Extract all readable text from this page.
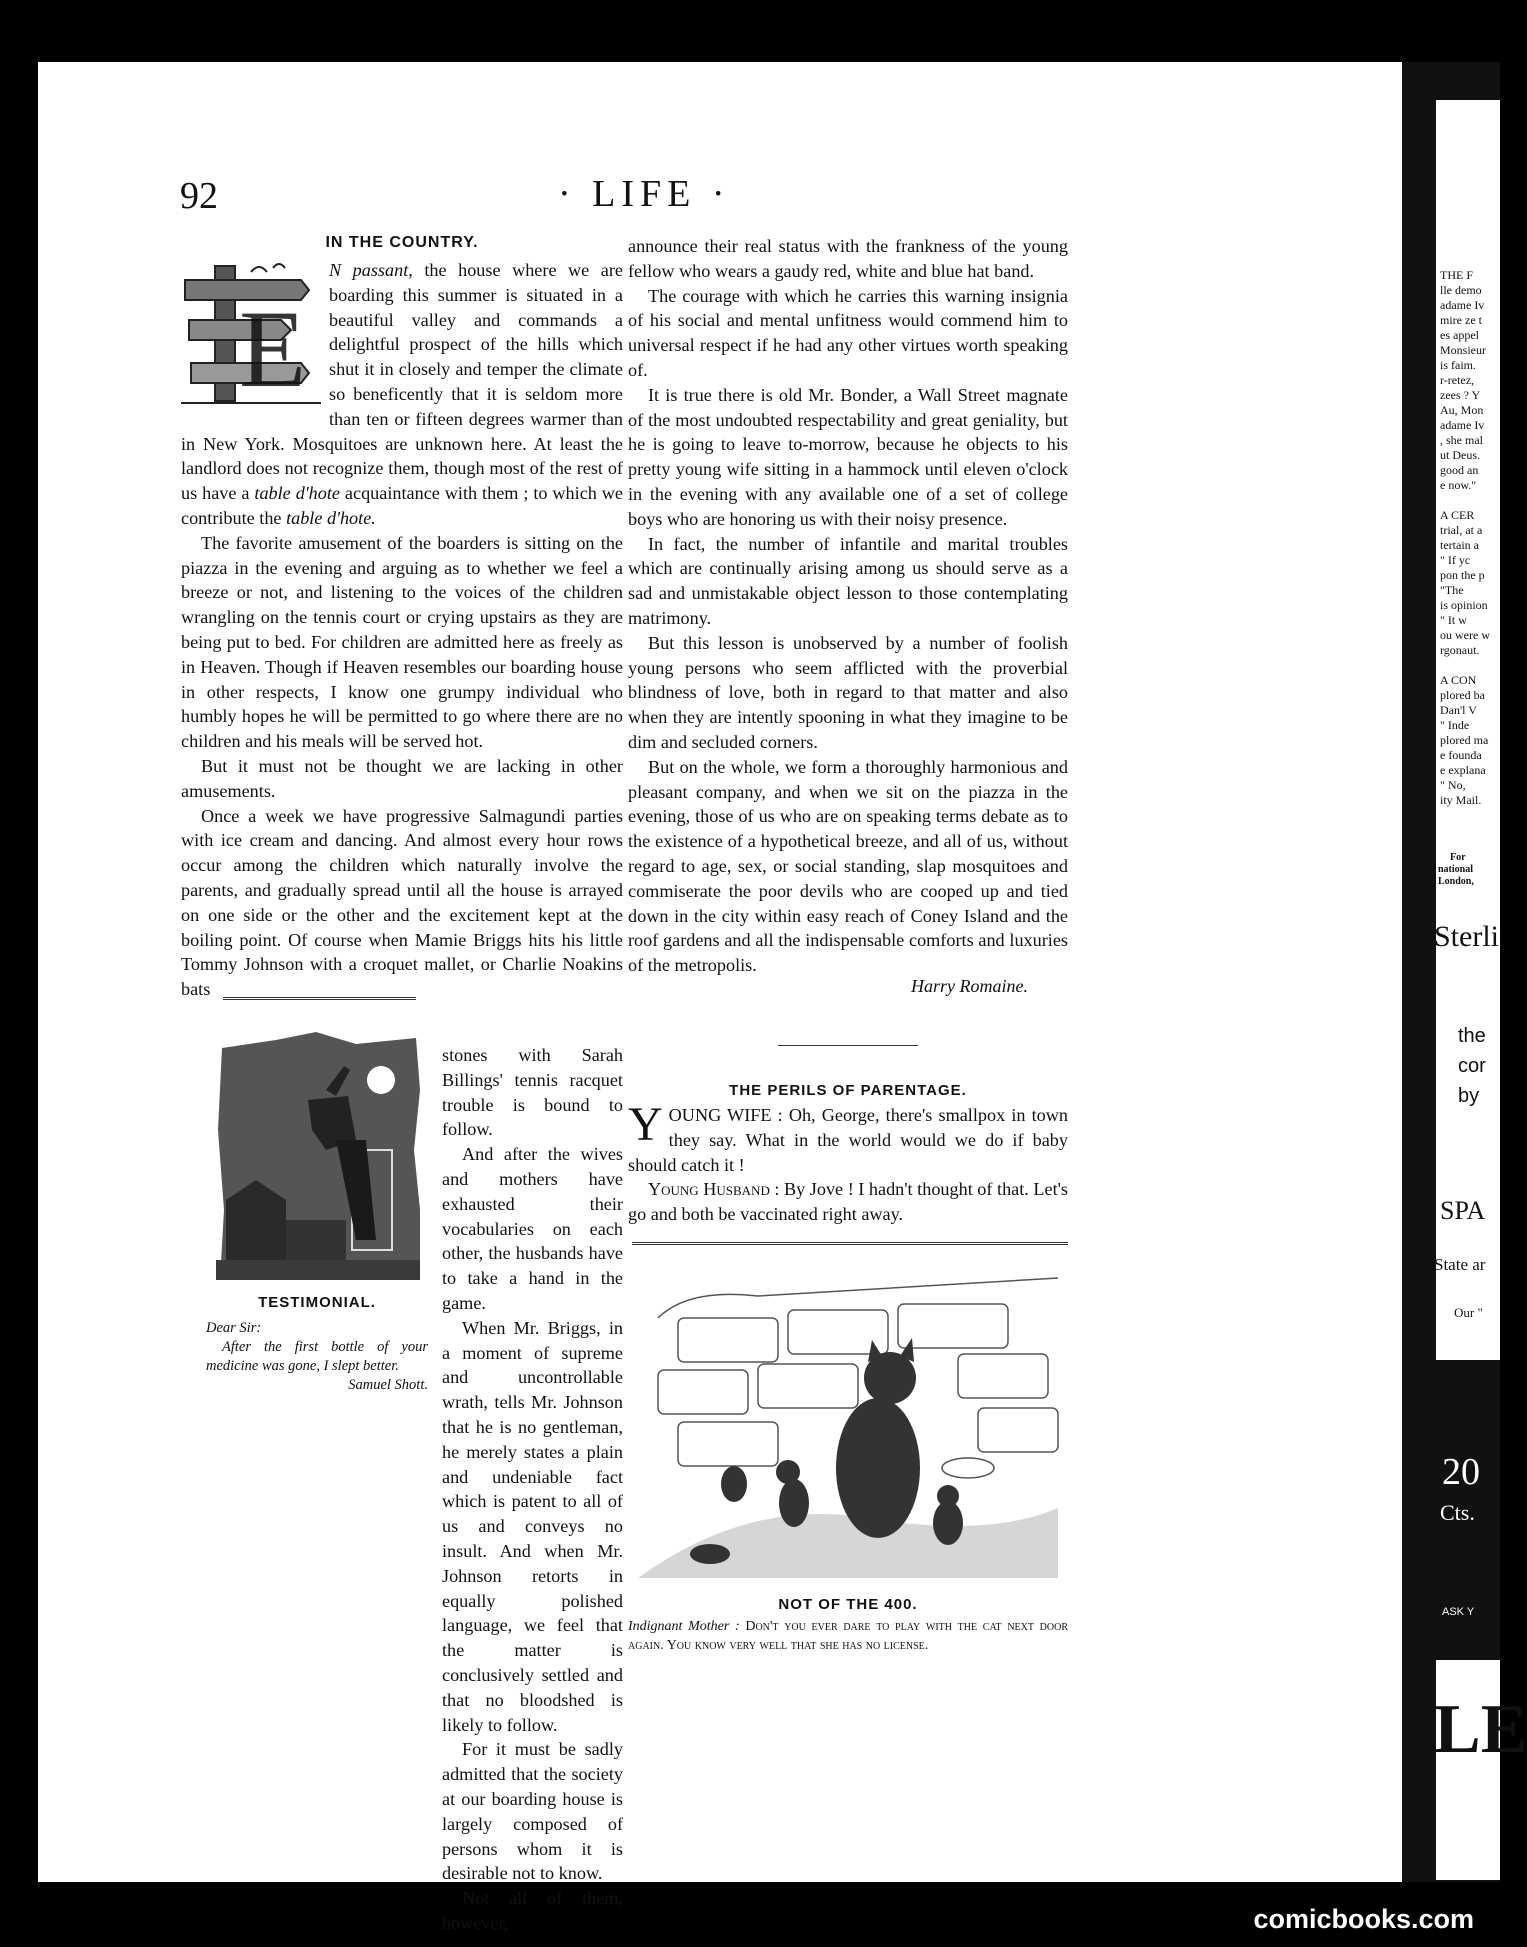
92	· LIFE ·
IN THE COUNTRY.
E

N passant, the house where we are boarding this summer is situated in a beautiful valley and commands a delightful prospect of the hills which shut it in closely and temper the climate so beneficently that it is seldom more than ten or fifteen degrees warmer than in New York. Mosquitoes are unknown here. At least the landlord does not recognize them, though most of the rest of us have a table d'hote acquaintance with them ; to which we contribute the table d'hote.

The favorite amusement of the boarders is sitting on the piazza in the evening and arguing as to whether we feel a breeze or not, and listening to the voices of the children wrangling on the tennis court or crying upstairs as they are being put to bed. For children are admitted here as freely as in Heaven. Though if Heaven resembles our boarding house in other respects, I know one grumpy individual who humbly hopes he will be permitted to go where there are no children and his meals will be served hot.

But it must not be thought we are lacking in other amusements.

Once a week we have progressive Salmagundi parties with ice cream and dancing. And almost every hour rows occur among the children which naturally involve the parents, and gradually spread until all the house is arrayed on one side or the other and the excitement kept at the boiling point. Of course when Mamie Briggs hits his little Tommy Johnson with a croquet mallet, or Charlie Noakins bats

TESTIMONIAL.
Dear Sir:
After the first bottle of your medicine was gone, I slept better.
Samuel Shott.

stones with Sarah Billings' tennis racquet trouble is bound to follow.

And after the wives and mothers have exhausted their vocabularies on each other, the husbands have to take a hand in the game.

When Mr. Briggs, in a moment of supreme and uncontrollable wrath, tells Mr. Johnson that he is no gentleman, he merely states a plain and undeniable fact which is patent to all of us and conveys no insult. And when Mr. Johnson retorts in equally polished language, we feel that the matter is conclusively settled and that no bloodshed is likely to follow.

For it must be sadly admitted that the society at our boarding house is largely composed of persons whom it is desirable not to know.

Not all of them, however,

announce their real status with the frankness of the young fellow who wears a gaudy red, white and blue hat band.

The courage with which he carries this warning insignia of his social and mental unfitness would commend him to universal respect if he had any other virtues worth speaking of.

It is true there is old Mr. Bonder, a Wall Street magnate of the most undoubted respectability and great geniality, but he is going to leave to-morrow, because he objects to his pretty young wife sitting in a hammock until eleven o'clock in the evening with any available one of a set of college boys who are honoring us with their noisy presence.

In fact, the number of infantile and marital troubles which are continually arising among us should serve as a sad and unmistakable object lesson to those contemplating matrimony.

But this lesson is unobserved by a number of foolish young persons who seem afflicted with the proverbial blindness of love, both in regard to that matter and also when they are intently spooning in what they imagine to be dim and secluded corners.

But on the whole, we form a thoroughly harmonious and pleasant company, and when we sit on the piazza in the evening, those of us who are on speaking terms debate as to the existence of a hypothetical breeze, and all of us, without regard to age, sex, or social standing, slap mosquitoes and commiserate the poor devils who are cooped up and tied down in the city within easy reach of Coney Island and the roof gardens and all the indispensable comforts and luxuries of the metropolis.

Harry Romaine.
THE PERILS OF PARENTAGE.
Y OUNG WIFE : Oh, George, there's smallpox in town they say. What in the world would we do if baby should catch it !

Young Husband : By Jove ! I hadn't thought of that. Let's go and both be vaccinated right away.

NOT OF THE 400.

Indignant Mother : Don't you ever dare to play with the cat next door again. You know very well that she has no license.

THE F
lle demo
adame Iv
mire ze t
es appel
Monsieur
is faim.
r-retez,
zees ? Y
Au, Mon
adame Iv
, she mal
ut Deus.
good an
e now."

A CER
trial, at a
tertain a
" If yc
pon the p
"The
is opinion
" It w
ou were w
rgonaut.

A CON
plored ba
Dan'l V
" Inde
plored ma
e founda
e explana
" No,
ity Mail.
For
national
London,
Sterli
the
cor
by
SPA
State ar
Our "
20
Cts.
ASK Y
LE
comicbooks.com
